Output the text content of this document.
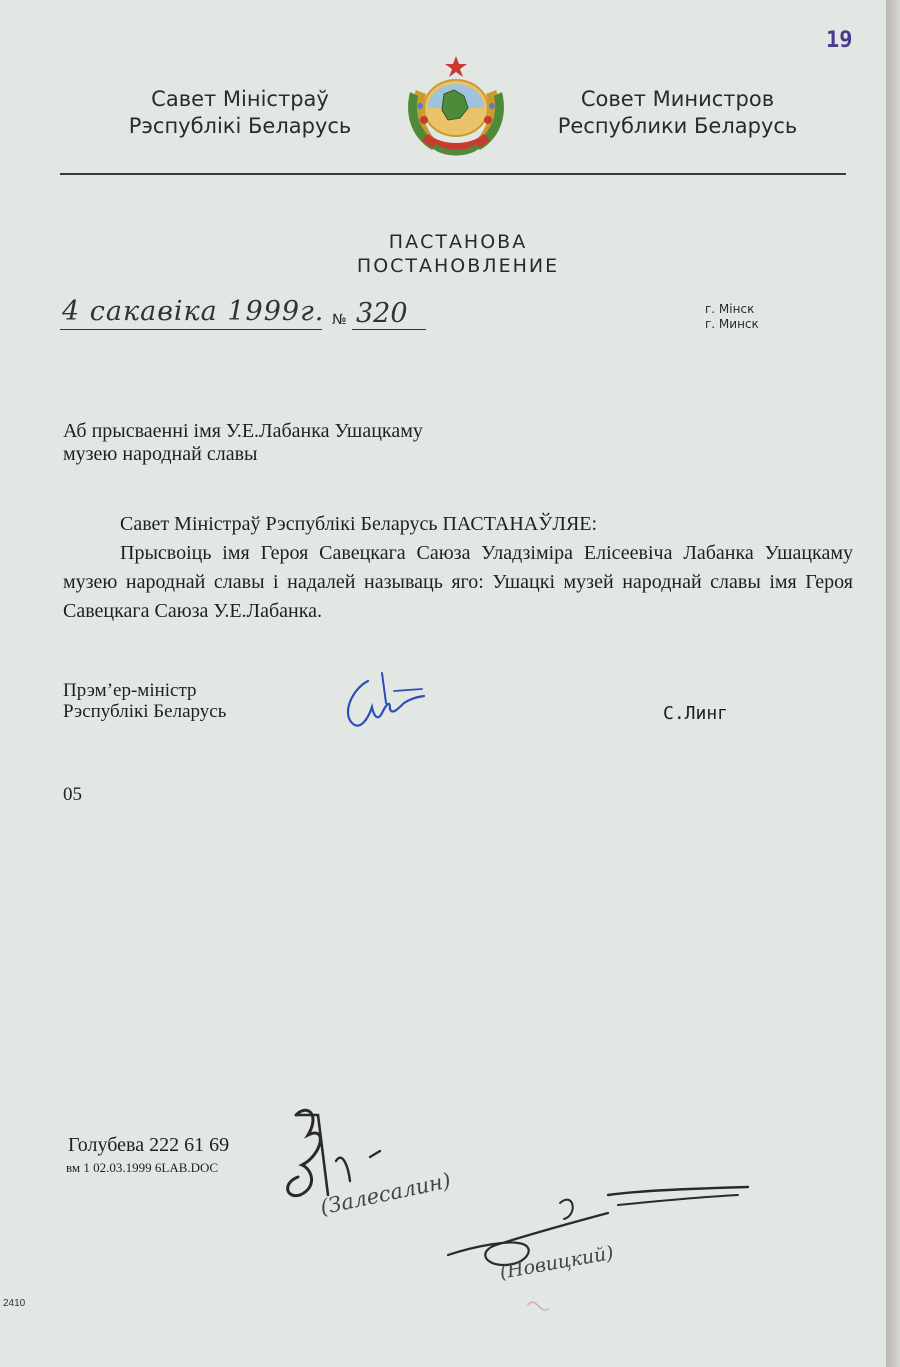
19
Савет Міністраў
Рэспублікі Беларусь
Совет Министров
Республики Беларусь
ПАСТАНОВА
ПОСТАНОВЛЕНИЕ
4 сакавіка 1999г. № 320	г. Мінск
г. Минск
Аб прысваенні імя У.Е.Лабанка Ушацкаму
музею народнай славы

Савет Міністраў Рэспублікі Беларусь ПАСТАНАЎЛЯЕ:

Прысвоіць імя Героя Савецкага Саюза Уладзіміра Елісеевіча Лабанка Ушацкаму музею народнай славы і надалей называць яго: Ушацкі музей народнай славы імя Героя Савецкага Саюза У.Е.Лабанка.

Прэм’ер-міністр
Рэспублікі Беларусь	С.Линг
05
Голубева 222 61 69
вм 1 02.03.1999 6LAB.DOC
(Залесалин)
(Новицкий)
2410
